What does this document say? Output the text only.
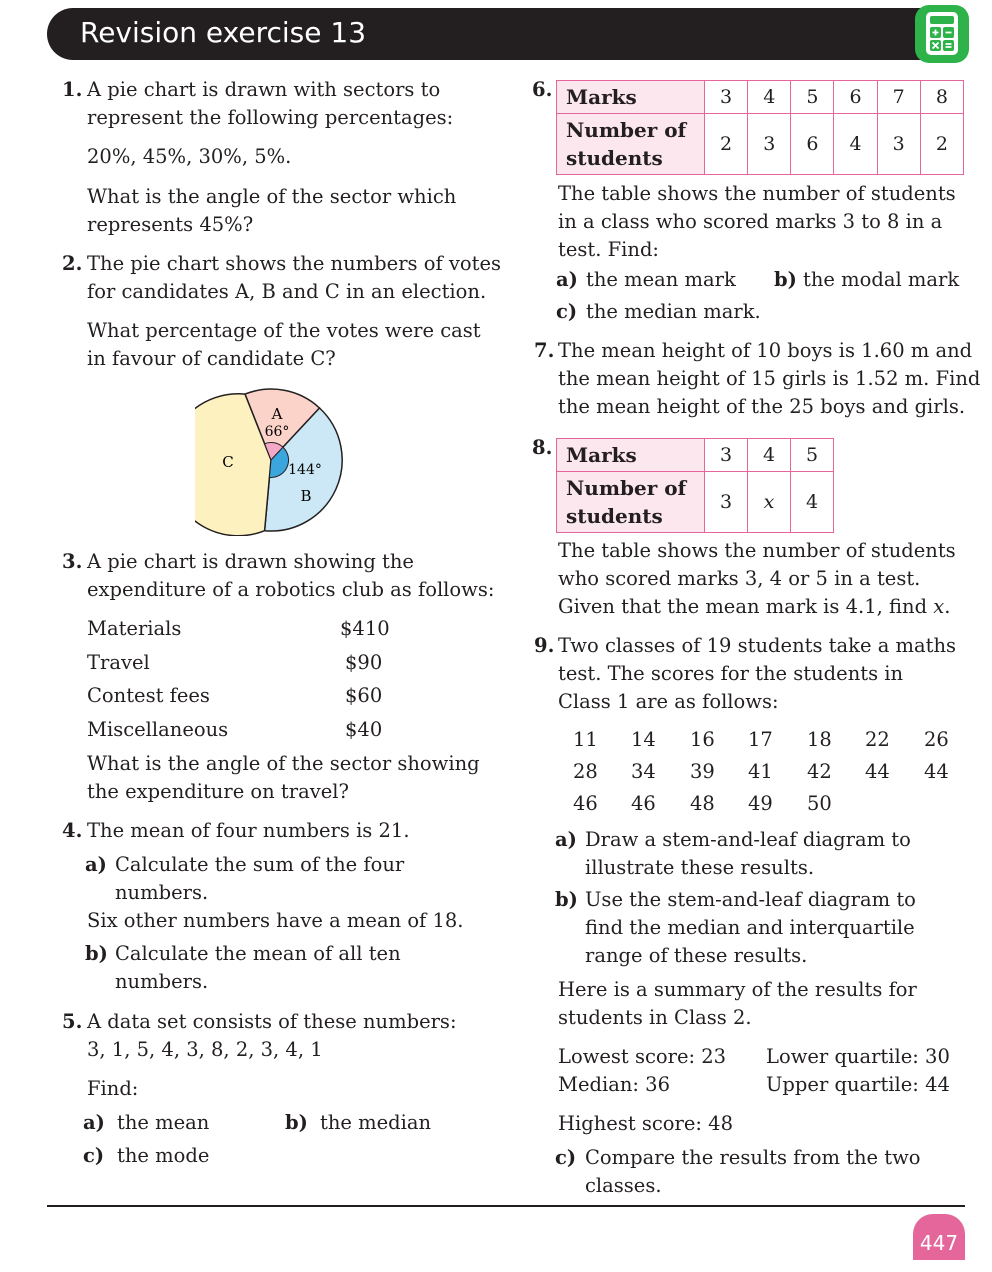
Revision exercise 13
1. A pie chart is drawn with sectors to
represent the following percentages:
20%, 45%, 30%, 5%.
What is the angle of the sector which
represents 45%?
2. The pie chart shows the numbers of votes
for candidates A, B and C in an election.
What percentage of the votes were cast
in favour of candidate C?
A
66°
C	144°
B
3. A pie chart is drawn showing the
expenditure of a robotics club as follows:
Materials	$410
Travel	$90
Contest fees	$60
Miscellaneous	$40
What is the angle of the sector showing
the expenditure on travel?
4. The mean of four numbers is 21.
a) Calculate the sum of the four
numbers.
Six other numbers have a mean of 18.
b) Calculate the mean of all ten
numbers.
5. A data set consists of these numbers:
3, 1, 5, 4, 3, 8, 2, 3, 4, 1
Find:
a) the mean	b) the median
c) the mode
6. Marks	3	4	5	6	7	8

Number of
students	2	3	6	4	3	2
The table shows the number of students
in a class who scored marks 3 to 8 in a
test. Find:
a) the mean mark b) the modal mark
c) the median mark.
7. The mean height of 10 boys is 1.60 m and
the mean height of 15 girls is 1.52 m. Find
the mean height of the 25 boys and girls.
8. Marks	3	4	5

Number of
students	3	x	4
The table shows the number of students
who scored marks 3, 4 or 5 in a test.
Given that the mean mark is 4.1, find x.
9. Two classes of 19 students take a maths
test. The scores for the students in
Class 1 are as follows:
11 14 16 17 18 22 26
28 34 39 41 42 44 44
46 46 48 49 50
a) Draw a stem-and-leaf diagram to
illustrate these results.
b) Use the stem-and-leaf diagram to
find the median and interquartile
range of these results.
Here is a summary of the results for
students in Class 2.
Lowest score: 23 Lower quartile: 30
Median: 36	Upper quartile: 44
Highest score: 48
c) Compare the results from the two
classes.
447
